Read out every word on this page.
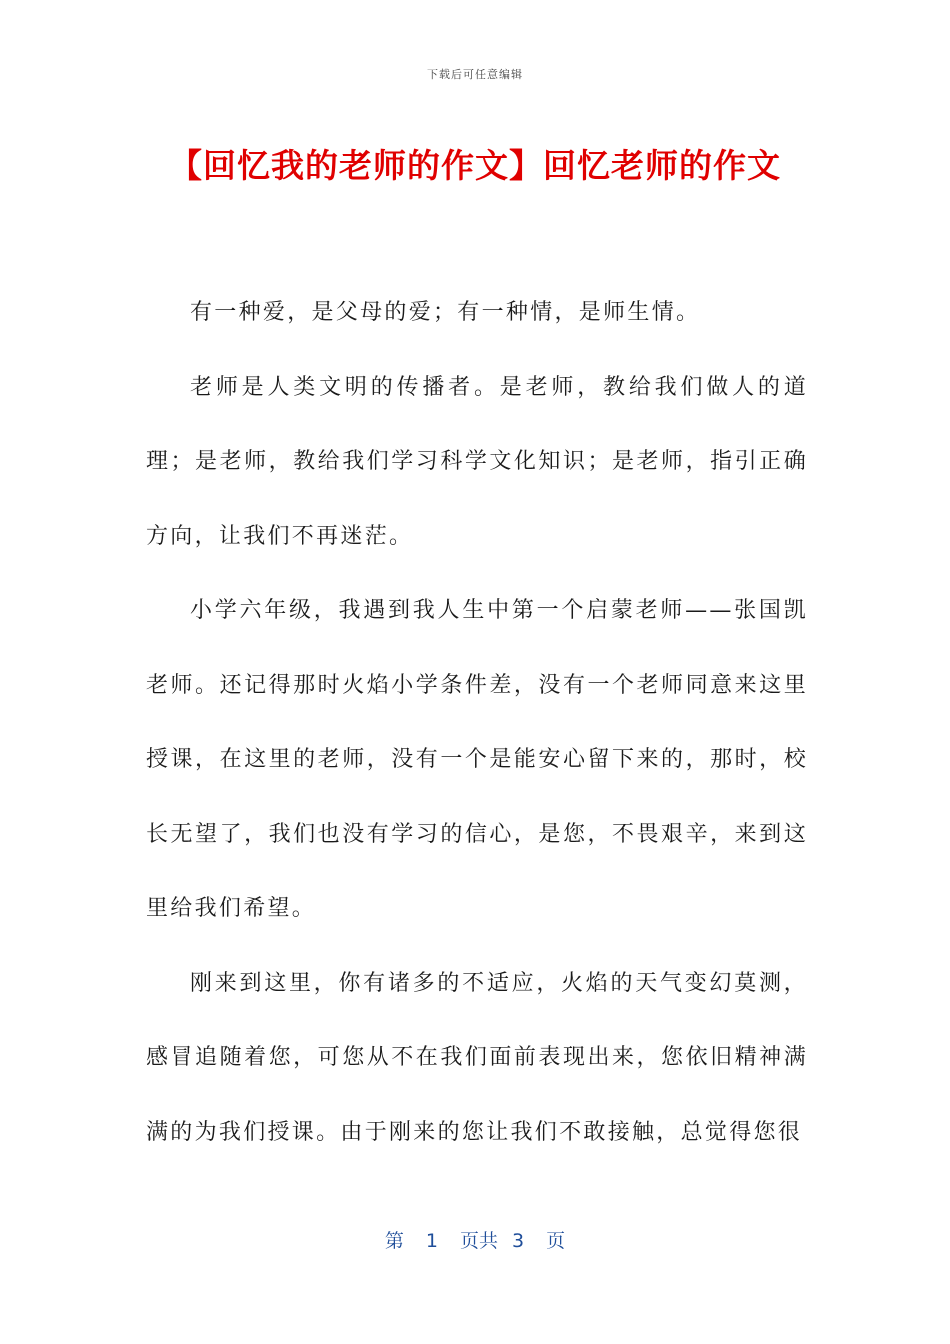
下载后可任意编辑
【回忆我的老师的作文】回忆老师的作文

有一种爱，是父母的爱；有一种情，是师生情。

老师是人类文明的传播者。是老师，教给我们做人的道理；是老师，教给我们学习科学文化知识；是老师，指引正确方向，让我们不再迷茫。

小学六年级，我遇到我人生中第一个启蒙老师——张国凯老师。还记得那时火焰小学条件差，没有一个老师同意来这里授课，在这里的老师，没有一个是能安心留下来的，那时，校长无望了，我们也没有学习的信心，是您，不畏艰辛，来到这里给我们希望。

刚来到这里，你有诸多的不适应，火焰的天气变幻莫测，感冒追随着您，可您从不在我们面前表现出来，您依旧精神满满的为我们授课。由于刚来的您让我们不敢接触，总觉得您很

第 1 页共 3 页
